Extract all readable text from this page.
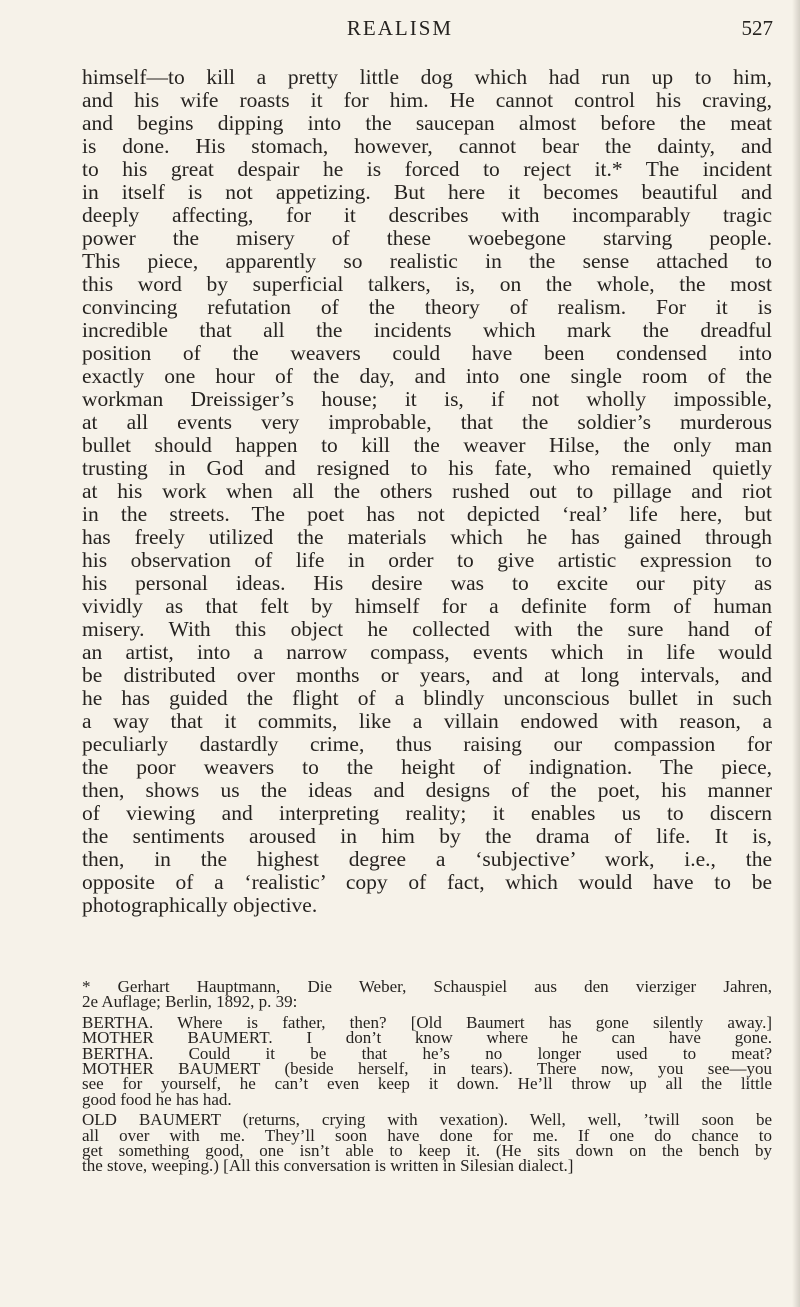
REALISM	527
himself—to kill a pretty little dog which had run up to him,
and his wife roasts it for him. He cannot control his craving,
and begins dipping into the saucepan almost before the meat
is done. His stomach, however, cannot bear the dainty, and
to his great despair he is forced to reject it.* The incident
in itself is not appetizing. But here it becomes beautiful and
deeply affecting, for it describes with incomparably tragic
power the misery of these woebegone starving people.
This piece, apparently so realistic in the sense attached to
this word by superficial talkers, is, on the whole, the most
convincing refutation of the theory of realism. For it is
incredible that all the incidents which mark the dreadful
position of the weavers could have been condensed into
exactly one hour of the day, and into one single room of the
workman Dreissiger’s house; it is, if not wholly impossible,
at all events very improbable, that the soldier’s murderous
bullet should happen to kill the weaver Hilse, the only man
trusting in God and resigned to his fate, who remained quietly
at his work when all the others rushed out to pillage and riot
in the streets. The poet has not depicted ‘real’ life here, but
has freely utilized the materials which he has gained through
his observation of life in order to give artistic expression to
his personal ideas. His desire was to excite our pity as
vividly as that felt by himself for a definite form of human
misery. With this object he collected with the sure hand of
an artist, into a narrow compass, events which in life would
be distributed over months or years, and at long intervals, and
he has guided the flight of a blindly unconscious bullet in such
a way that it commits, like a villain endowed with reason, a
peculiarly dastardly crime, thus raising our compassion for
the poor weavers to the height of indignation. The piece,
then, shows us the ideas and designs of the poet, his manner
of viewing and interpreting reality; it enables us to discern
the sentiments aroused in him by the drama of life. It is,
then, in the highest degree a ‘subjective’ work, i.e., the
opposite of a ‘realistic’ copy of fact, which would have to be
photographically objective.
* Gerhart Hauptmann, Die Weber, Schauspiel aus den vierziger Jahren,
2e Auflage; Berlin, 1892, p. 39:
BERTHA. Where is father, then? [Old Baumert has gone silently away.]
MOTHER BAUMERT. I don’t know where he can have gone.
BERTHA. Could it be that he’s no longer used to meat?
MOTHER BAUMERT (beside herself, in tears). There now, you see—you
see for yourself, he can’t even keep it down. He’ll throw up all the little
good food he has had.
OLD BAUMERT (returns, crying with vexation). Well, well, ’twill soon be
all over with me. They’ll soon have done for me. If one do chance to
get something good, one isn’t able to keep it. (He sits down on the bench by
the stove, weeping.) [All this conversation is written in Silesian dialect.]
